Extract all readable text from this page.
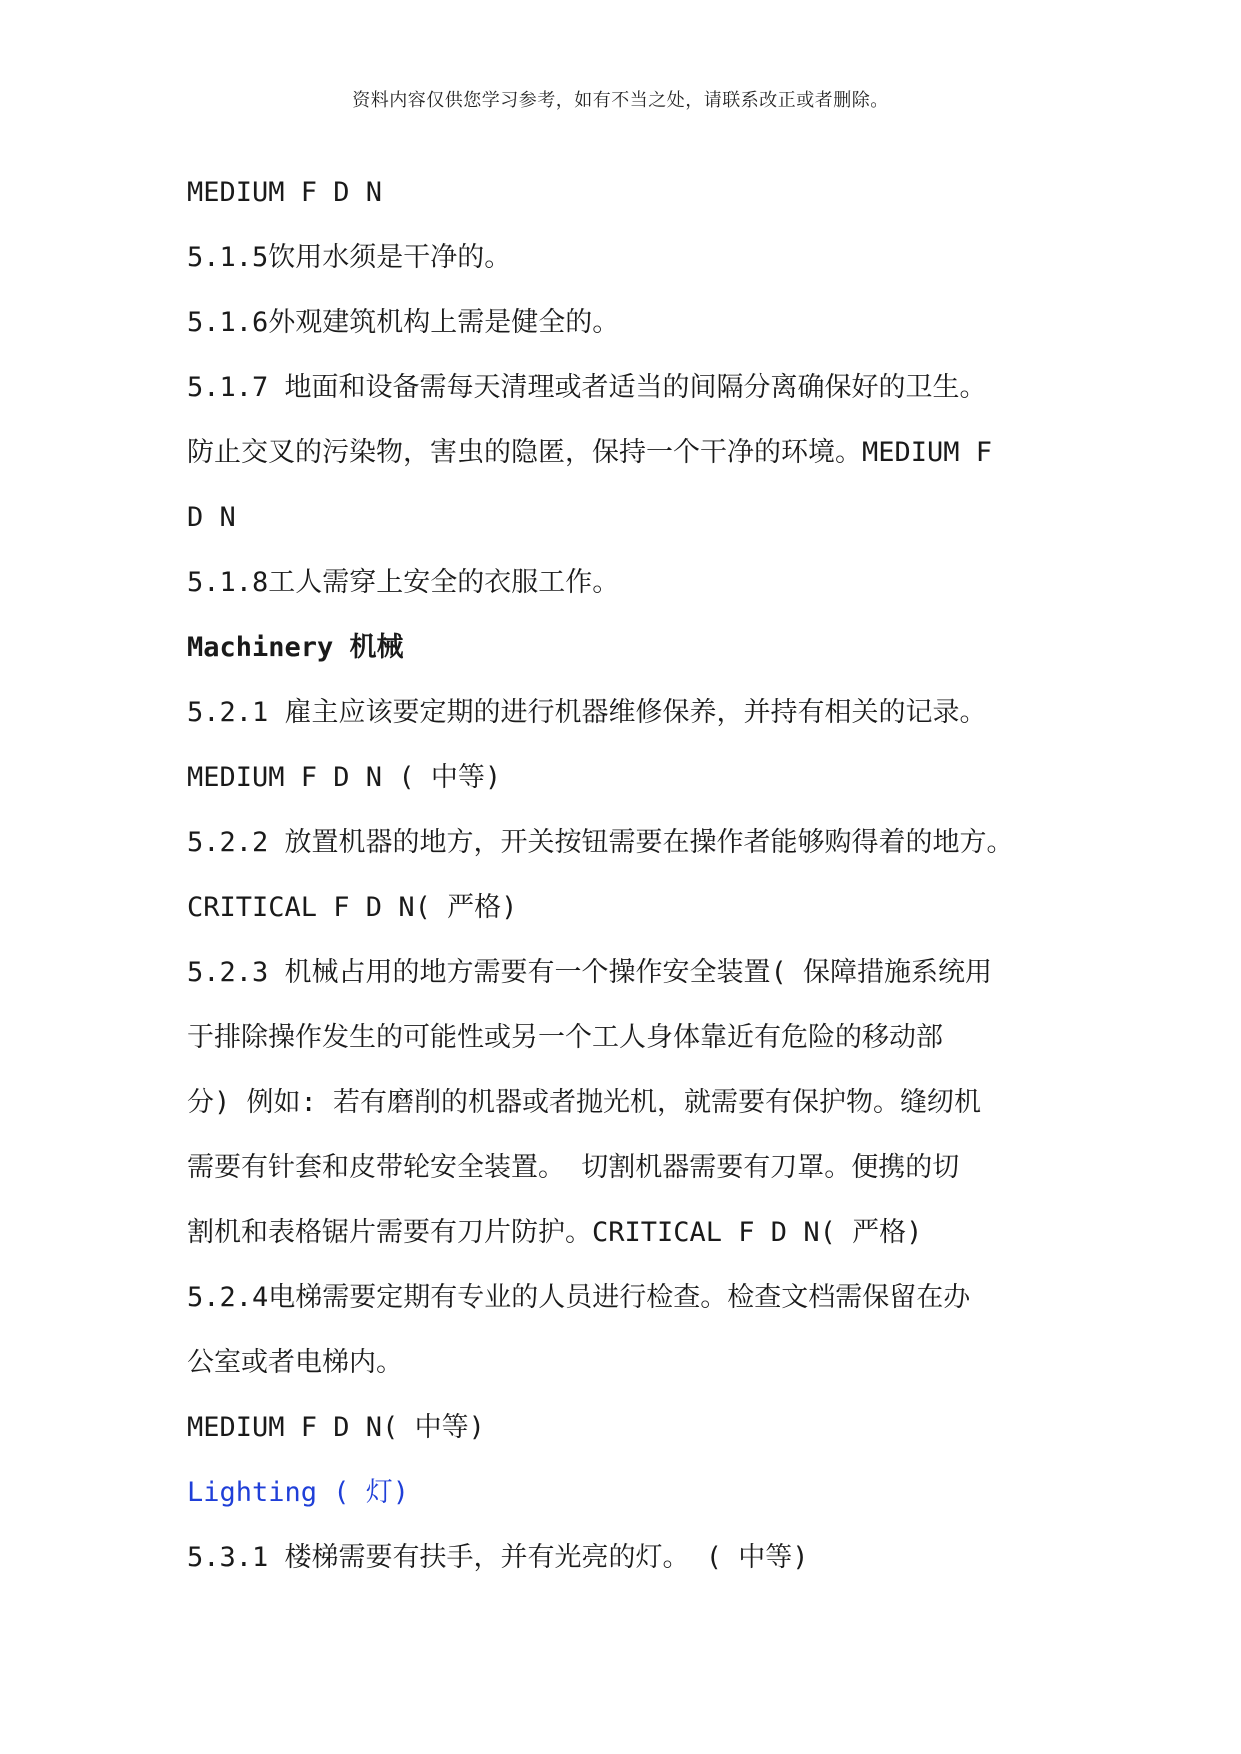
资料内容仅供您学习参考，如有不当之处，请联系改正或者删除。

MEDIUM F D N

5.1.5饮用水须是干净的。

5.1.6外观建筑机构上需是健全的。

5.1.7 地面和设备需每天清理或者适当的间隔分离确保好的卫生。

防止交叉的污染物，害虫的隐匿，保持一个干净的环境。MEDIUM F

D N

5.1.8工人需穿上安全的衣服工作。

Machinery 机械

5.2.1 雇主应该要定期的进行机器维修保养，并持有相关的记录。

MEDIUM F D N ( 中等)

5.2.2 放置机器的地方，开关按钮需要在操作者能够购得着的地方。

CRITICAL F D N( 严格)

5.2.3 机械占用的地方需要有一个操作安全装置( 保障措施系统用

于排除操作发生的可能性或另一个工人身体靠近有危险的移动部

分) 例如: 若有磨削的机器或者抛光机，就需要有保护物。缝纫机

需要有针套和皮带轮安全装置。 切割机器需要有刀罩。便携的切

割机和表格锯片需要有刀片防护。CRITICAL F D N( 严格)

5.2.4电梯需要定期有专业的人员进行检查。检查文档需保留在办

公室或者电梯内。

MEDIUM F D N( 中等)

Lighting ( 灯)

5.3.1 楼梯需要有扶手，并有光亮的灯。 ( 中等)
